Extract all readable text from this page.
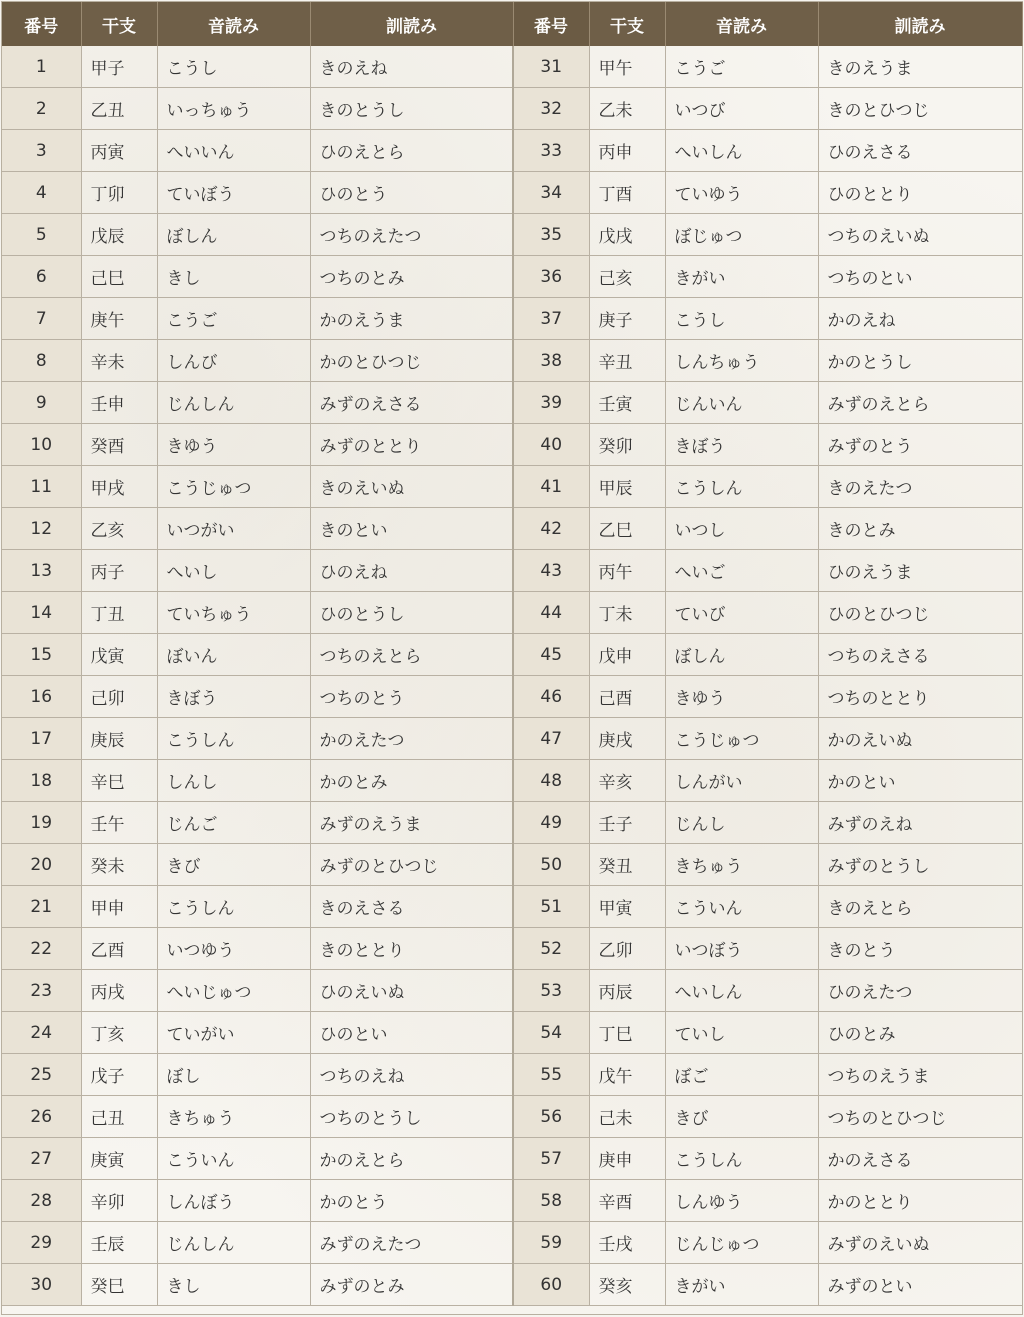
番号	干支	音読み	訓読み	番号	干支	音読み	訓読み
1	甲子	こうし	きのえね	31	甲午	こうご	きのえうま
2	乙丑	いっちゅう	きのとうし	32	乙未	いつび	きのとひつじ
3	丙寅	へいいん	ひのえとら	33	丙申	へいしん	ひのえさる
4	丁卯	ていぼう	ひのとう	34	丁酉	ていゆう	ひのととり
5	戊辰	ぼしん	つちのえたつ	35	戊戌	ぼじゅつ	つちのえいぬ
6	己巳	きし	つちのとみ	36	己亥	きがい	つちのとい
7	庚午	こうご	かのえうま	37	庚子	こうし	かのえね
8	辛未	しんび	かのとひつじ	38	辛丑	しんちゅう	かのとうし
9	壬申	じんしん	みずのえさる	39	壬寅	じんいん	みずのえとら
10	癸酉	きゆう	みずのととり	40	癸卯	きぼう	みずのとう
11	甲戌	こうじゅつ	きのえいぬ	41	甲辰	こうしん	きのえたつ
12	乙亥	いつがい	きのとい	42	乙巳	いつし	きのとみ
13	丙子	へいし	ひのえね	43	丙午	へいご	ひのえうま
14	丁丑	ていちゅう	ひのとうし	44	丁未	ていび	ひのとひつじ
15	戊寅	ぼいん	つちのえとら	45	戊申	ぼしん	つちのえさる
16	己卯	きぼう	つちのとう	46	己酉	きゆう	つちのととり
17	庚辰	こうしん	かのえたつ	47	庚戌	こうじゅつ	かのえいぬ
18	辛巳	しんし	かのとみ	48	辛亥	しんがい	かのとい
19	壬午	じんご	みずのえうま	49	壬子	じんし	みずのえね
20	癸未	きび	みずのとひつじ	50	癸丑	きちゅう	みずのとうし
21	甲申	こうしん	きのえさる	51	甲寅	こういん	きのえとら
22	乙酉	いつゆう	きのととり	52	乙卯	いつぼう	きのとう
23	丙戌	へいじゅつ	ひのえいぬ	53	丙辰	へいしん	ひのえたつ
24	丁亥	ていがい	ひのとい	54	丁巳	ていし	ひのとみ
25	戊子	ぼし	つちのえね	55	戊午	ぼご	つちのえうま
26	己丑	きちゅう	つちのとうし	56	己未	きび	つちのとひつじ
27	庚寅	こういん	かのえとら	57	庚申	こうしん	かのえさる
28	辛卯	しんぼう	かのとう	58	辛酉	しんゆう	かのととり
29	壬辰	じんしん	みずのえたつ	59	壬戌	じんじゅつ	みずのえいぬ
30	癸巳	きし	みずのとみ	60	癸亥	きがい	みずのとい
